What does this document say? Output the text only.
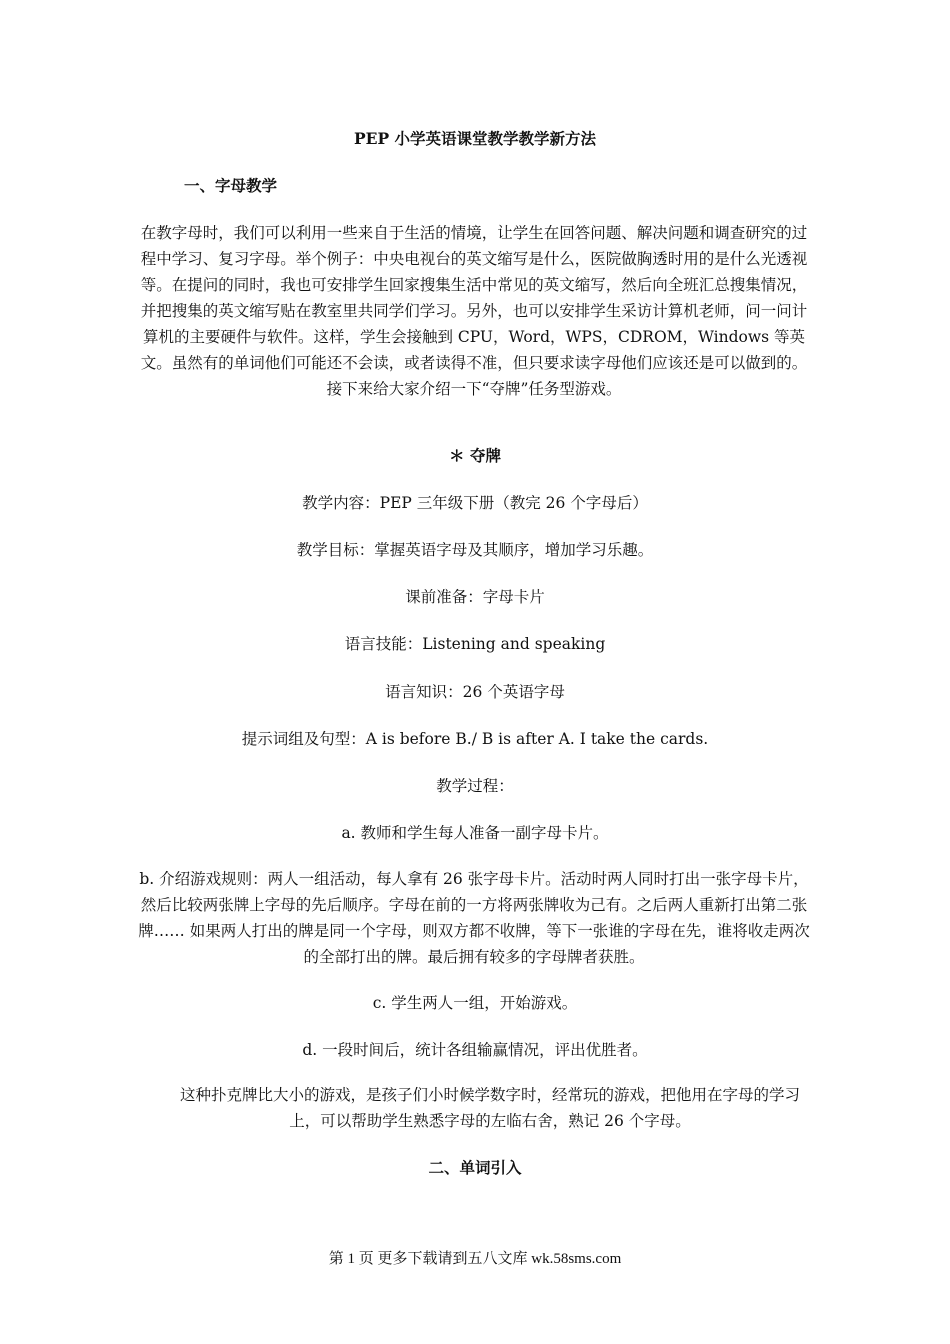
PEP 小学英语课堂教学教学新方法
一、字母教学
在教字母时，我们可以利用一些来自于生活的情境，让学生在回答问题、解决问题和调查研究的过程中学习、复习字母。举个例子：中央电视台的英文缩写是什么，医院做胸透时用的是什么光透视等。在提问的同时，我也可安排学生回家搜集生活中常见的英文缩写，然后向全班汇总搜集情况，并把搜集的英文缩写贴在教室里共同学们学习。另外，也可以安排学生采访计算机老师，问一问计算机的主要硬件与软件。这样，学生会接触到 CPU，Word，WPS，CDROM，Windows 等英文。虽然有的单词他们可能还不会读，或者读得不准，但只要求读字母他们应该还是可以做到的。接下来给大家介绍一下“夺牌”任务型游戏。
＊ 夺牌
教学内容：PEP 三年级下册（教完 26 个字母后）
教学目标：掌握英语字母及其顺序，增加学习乐趣。
课前准备：字母卡片
语言技能：Listening and speaking
语言知识：26 个英语字母
提示词组及句型：A is before B./ B is after A. I take the cards.
教学过程：
a. 教师和学生每人准备一副字母卡片。
b. 介绍游戏规则：两人一组活动，每人拿有 26 张字母卡片。活动时两人同时打出一张字母卡片，然后比较两张牌上字母的先后顺序。字母在前的一方将两张牌收为己有。之后两人重新打出第二张牌…… 如果两人打出的牌是同一个字母，则双方都不收牌，等下一张谁的字母在先，谁将收走两次的全部打出的牌。最后拥有较多的字母牌者获胜。
c. 学生两人一组，开始游戏。
d. 一段时间后，统计各组输赢情况，评出优胜者。
这种扑克牌比大小的游戏，是孩子们小时候学数字时，经常玩的游戏，把他用在字母的学习上，可以帮助学生熟悉字母的左临右舍，熟记 26 个字母。
二、单词引入
第 1 页 更多下载请到五八文库 wk.58sms.com
